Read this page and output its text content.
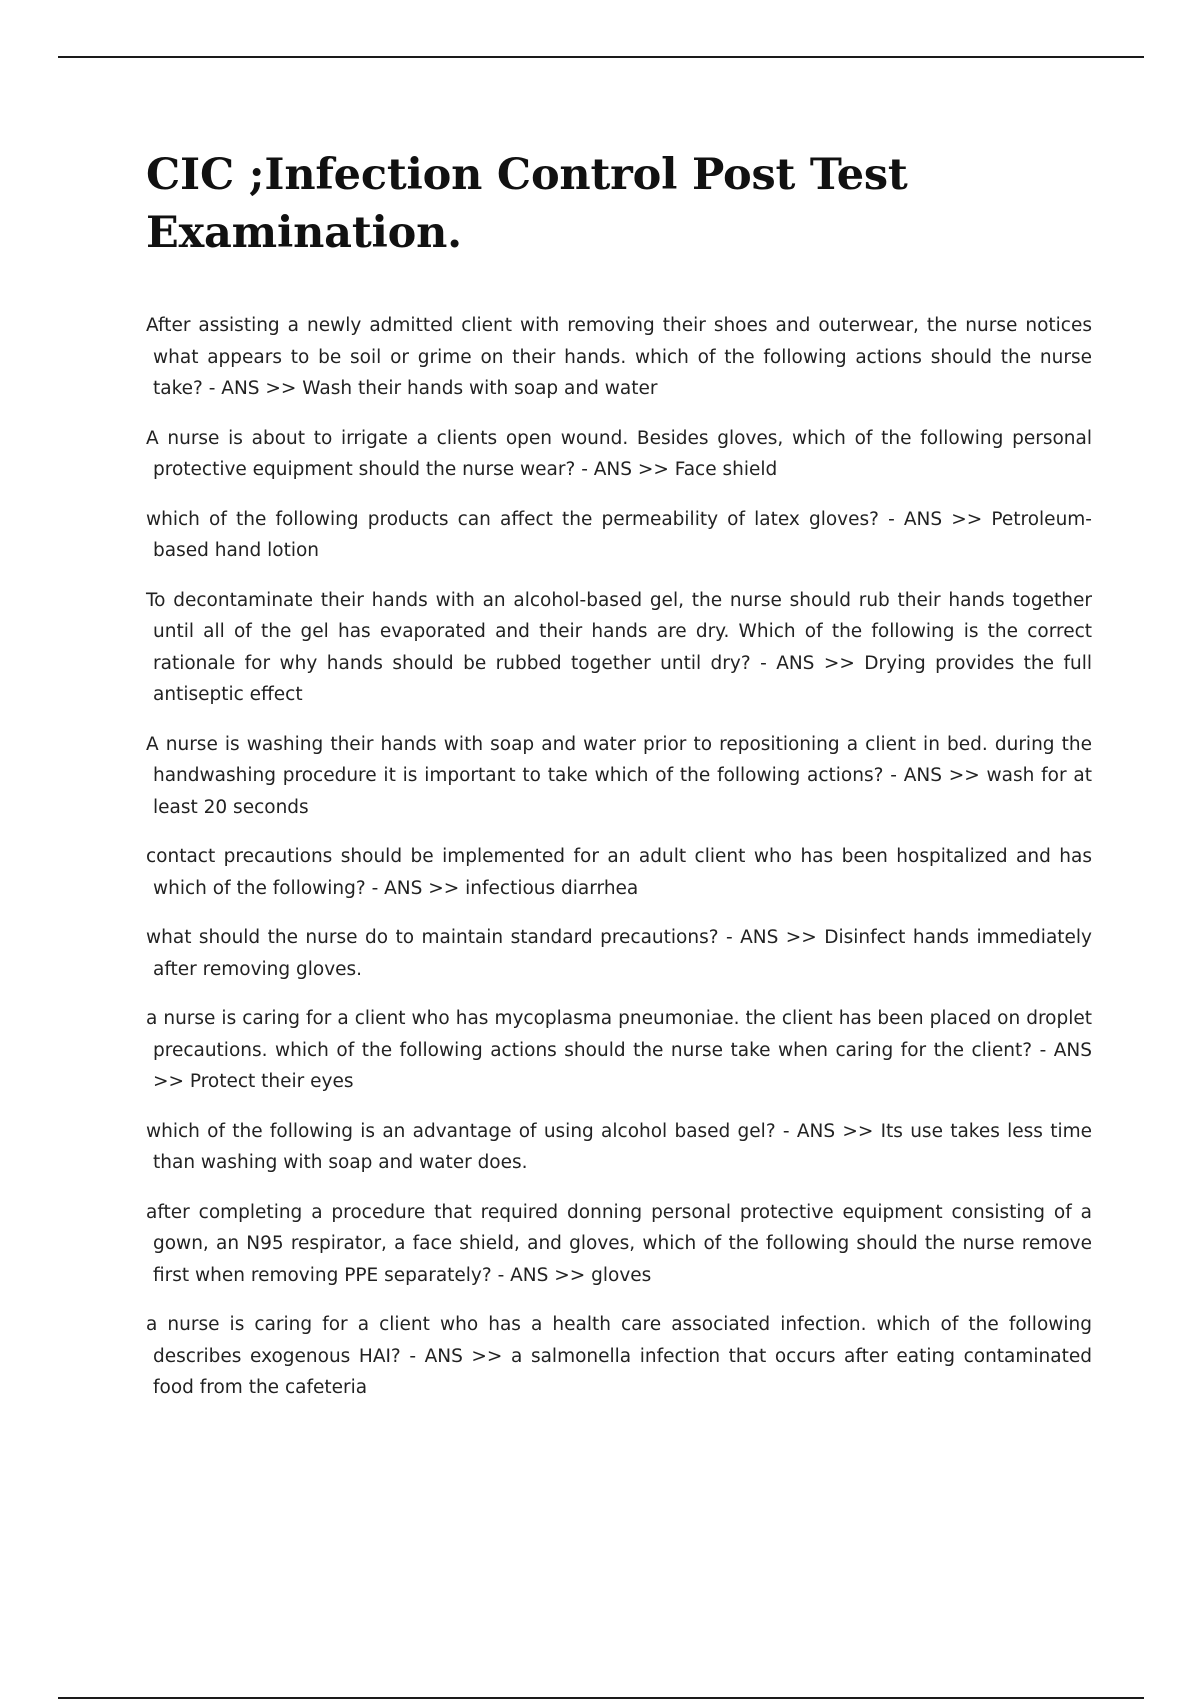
CIC ;Infection Control Post Test Examination.

After assisting a newly admitted client with removing their shoes and outerwear, the nurse notices what appears to be soil or grime on their hands. which of the following actions should the nurse take? - ANS >> Wash their hands with soap and water

A nurse is about to irrigate a clients open wound. Besides gloves, which of the following personal protective equipment should the nurse wear? - ANS >> Face shield

which of the following products can affect the permeability of latex gloves? - ANS >> Petroleum-based hand lotion

To decontaminate their hands with an alcohol-based gel, the nurse should rub their hands together until all of the gel has evaporated and their hands are dry. Which of the following is the correct rationale for why hands should be rubbed together until dry? - ANS >> Drying provides the full antiseptic effect

A nurse is washing their hands with soap and water prior to repositioning a client in bed. during the handwashing procedure it is important to take which of the following actions? - ANS >> wash for at least 20 seconds

contact precautions should be implemented for an adult client who has been hospitalized and has which of the following? - ANS >> infectious diarrhea

what should the nurse do to maintain standard precautions? - ANS >> Disinfect hands immediately after removing gloves.

a nurse is caring for a client who has mycoplasma pneumoniae. the client has been placed on droplet precautions. which of the following actions should the nurse take when caring for the client? - ANS >> Protect their eyes

which of the following is an advantage of using alcohol based gel? - ANS >> Its use takes less time than washing with soap and water does.

after completing a procedure that required donning personal protective equipment consisting of a gown, an N95 respirator, a face shield, and gloves, which of the following should the nurse remove first when removing PPE separately? - ANS >> gloves

a nurse is caring for a client who has a health care associated infection. which of the following describes exogenous HAI? - ANS >> a salmonella infection that occurs after eating contaminated food from the cafeteria
